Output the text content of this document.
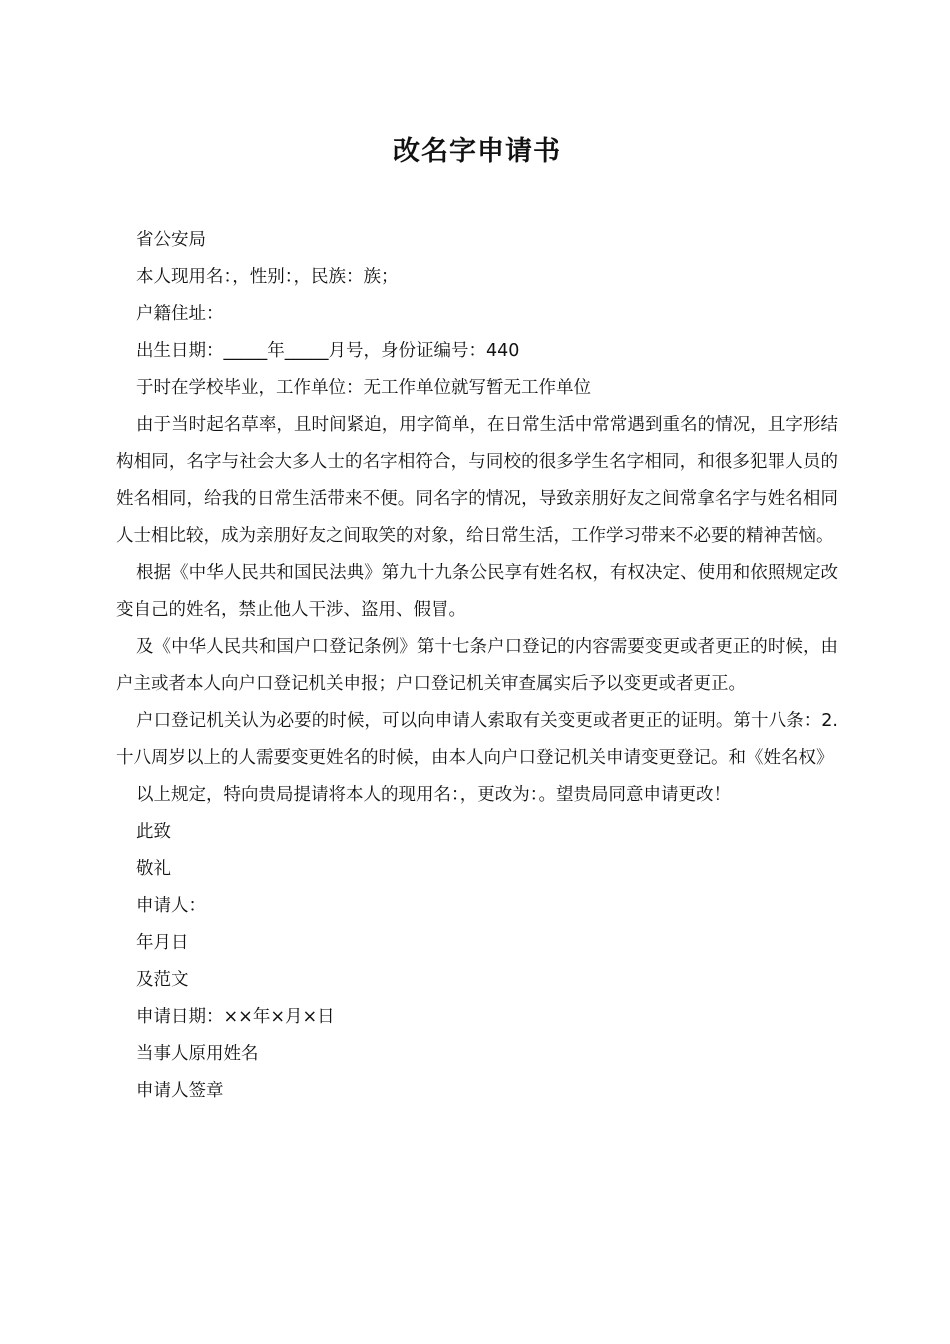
改名字申请书

省公安局

本人现用名：，性别：，民族：族；

户籍住址：

出生日期：_____年_____月号，身份证编号：440

于时在学校毕业，工作单位：无工作单位就写暂无工作单位

由于当时起名草率，且时间紧迫，用字简单，在日常生活中常常遇到重名的情况，且字形结构相同，名字与社会大多人士的名字相符合，与同校的很多学生名字相同，和很多犯罪人员的姓名相同，给我的日常生活带来不便。同名字的情况，导致亲朋好友之间常拿名字与姓名相同人士相比较，成为亲朋好友之间取笑的对象，给日常生活，工作学习带来不必要的精神苦恼。

根据《中华人民共和国民法典》第九十九条公民享有姓名权，有权决定、使用和依照规定改变自己的姓名，禁止他人干涉、盗用、假冒。

及《中华人民共和国户口登记条例》第十七条户口登记的内容需要变更或者更正的时候，由户主或者本人向户口登记机关申报；户口登记机关审查属实后予以变更或者更正。

户口登记机关认为必要的时候，可以向申请人索取有关变更或者更正的证明。第十八条：2. 十八周岁以上的人需要变更姓名的时候，由本人向户口登记机关申请变更登记。和《姓名权》

以上规定，特向贵局提请将本人的现用名：，更改为：。望贵局同意申请更改！

此致

敬礼

申请人：

年月日

及范文

申请日期：××年×月×日

当事人原用姓名

申请人签章
